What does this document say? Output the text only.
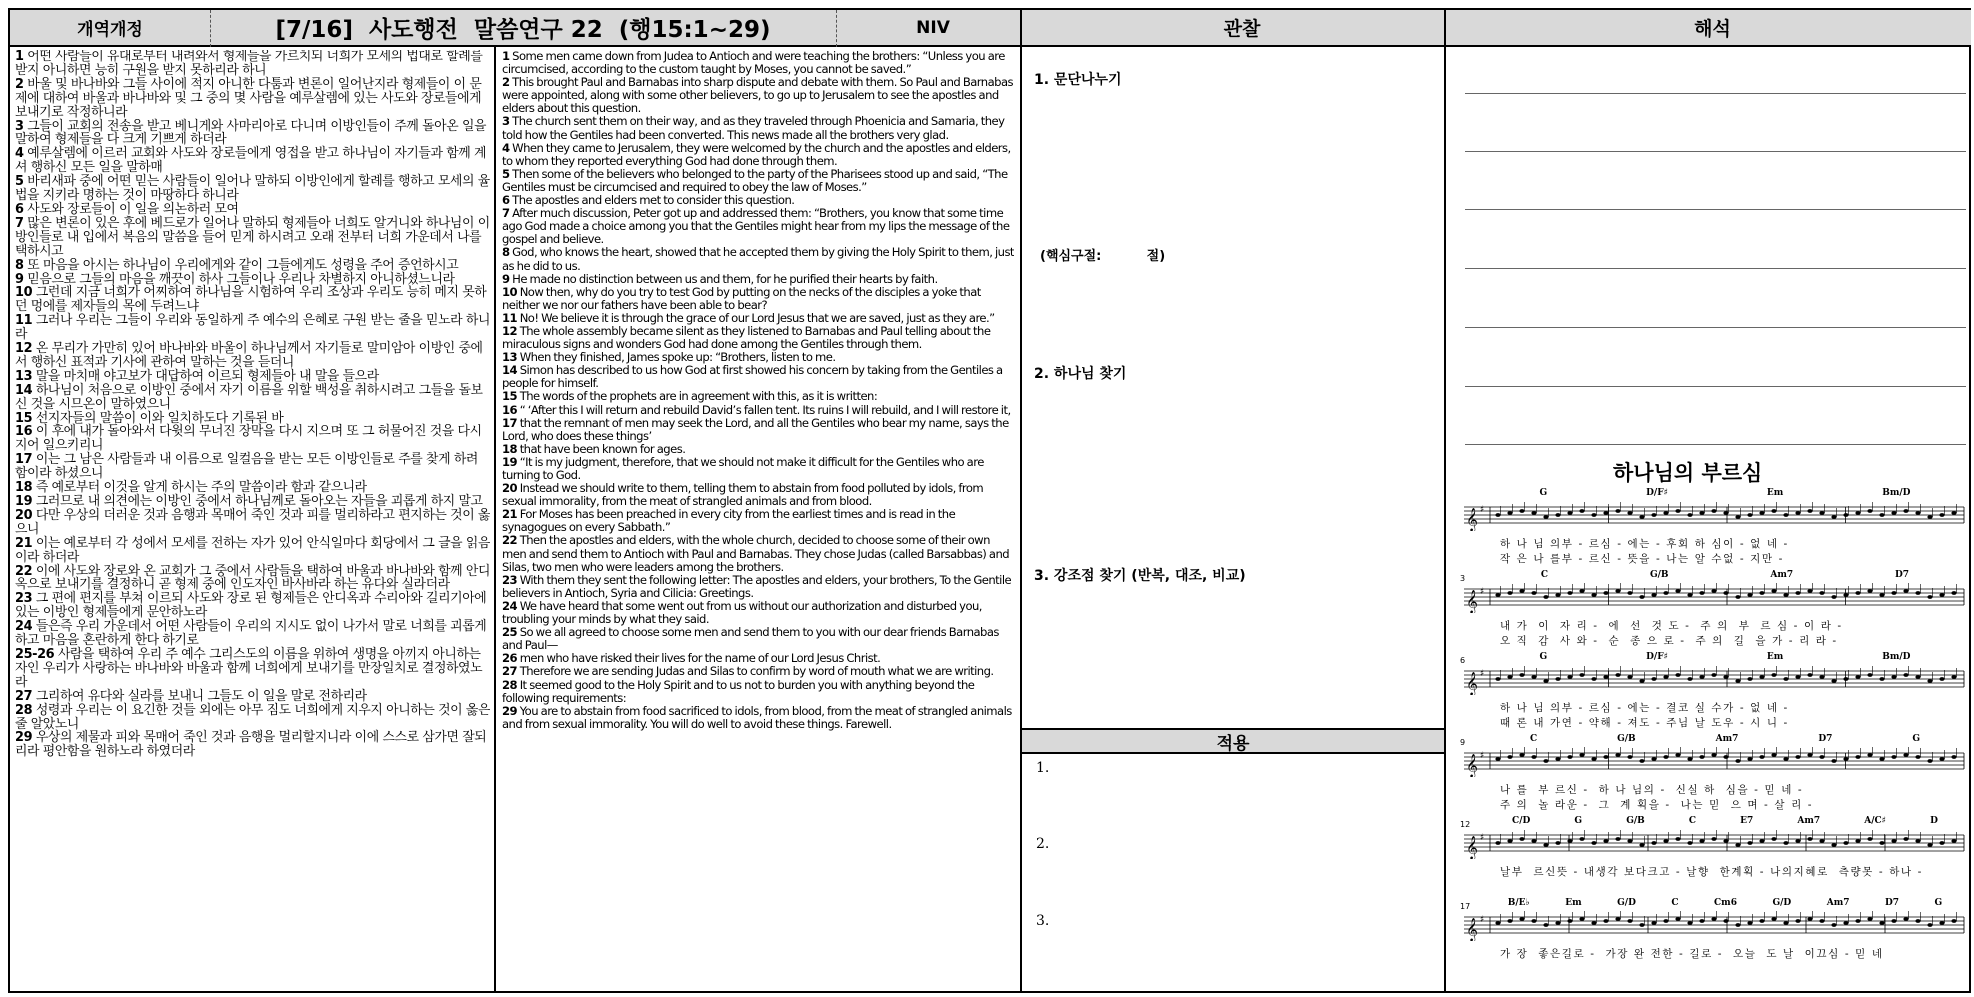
개역개정	[7/16]  사도행전  말씀연구 22  (행15:1~29)	NIV	관찰	해석

1 어떤 사람들이 유대로부터 내려와서 형제들을 가르치되 너희가 모세의 법대로 할례를 받지 아니하면 능히 구원을 받지 못하리라 하니

2 바울 및 바나바와 그들 사이에 적지 아니한 다툼과 변론이 일어난지라 형제들이 이 문제에 대하여 바울과 바나바와 및 그 중의 몇 사람을 예루살렘에 있는 사도와 장로들에게 보내기로 작정하니라

3 그들이 교회의 전송을 받고 베니게와 사마리아로 다니며 이방인들이 주께 돌아온 일을 말하여 형제들을 다 크게 기쁘게 하더라

4 예루살렘에 이르러 교회와 사도와 장로들에게 영접을 받고 하나님이 자기들과 함께 계셔 행하신 모든 일을 말하매

5 바리새파 중에 어떤 믿는 사람들이 일어나 말하되 이방인에게 할례를 행하고 모세의 율법을 지키라 명하는 것이 마땅하다 하니라

6 사도와 장로들이 이 일을 의논하러 모여

7 많은 변론이 있은 후에 베드로가 일어나 말하되 형제들아 너희도 알거니와 하나님이 이방인들로 내 입에서 복음의 말씀을 들어 믿게 하시려고 오래 전부터 너희 가운데서 나를 택하시고

8 또 마음을 아시는 하나님이 우리에게와 같이 그들에게도 성령을 주어 증언하시고

9 믿음으로 그들의 마음을 깨끗이 하사 그들이나 우리나 차별하지 아니하셨느니라

10 그런데 지금 너희가 어찌하여 하나님을 시험하여 우리 조상과 우리도 능히 메지 못하던 멍에를 제자들의 목에 두려느냐

11 그러나 우리는 그들이 우리와 동일하게 주 예수의 은혜로 구원 받는 줄을 믿노라 하니라

12 온 무리가 가만히 있어 바나바와 바울이 하나님께서 자기들로 말미암아 이방인 중에서 행하신 표적과 기사에 관하여 말하는 것을 듣더니

13 말을 마치매 야고보가 대답하여 이르되 형제들아 내 말을 들으라

14 하나님이 처음으로 이방인 중에서 자기 이름을 위할 백성을 취하시려고 그들을 돌보신 것을 시므온이 말하였으니

15 선지자들의 말씀이 이와 일치하도다 기록된 바

16 이 후에 내가 돌아와서 다윗의 무너진 장막을 다시 지으며 또 그 허물어진 것을 다시 지어 일으키리니

17 이는 그 남은 사람들과 내 이름으로 일컬음을 받는 모든 이방인들로 주를 찾게 하려 함이라 하셨으니

18 즉 예로부터 이것을 알게 하시는 주의 말씀이라 함과 같으니라

19 그러므로 내 의견에는 이방인 중에서 하나님께로 돌아오는 자들을 괴롭게 하지 말고

20 다만 우상의 더러운 것과 음행과 목매어 죽인 것과 피를 멀리하라고 편지하는 것이 옳으니

21 이는 예로부터 각 성에서 모세를 전하는 자가 있어 안식일마다 회당에서 그 글을 읽음이라 하더라

22 이에 사도와 장로와 온 교회가 그 중에서 사람들을 택하여 바울과 바나바와 함께 안디옥으로 보내기를 결정하니 곧 형제 중에 인도자인 바사바라 하는 유다와 실라더라

23 그 편에 편지를 부쳐 이르되 사도와 장로 된 형제들은 안디옥과 수리아와 길리기아에 있는 이방인 형제들에게 문안하노라

24 들은즉 우리 가운데서 어떤 사람들이 우리의 지시도 없이 나가서 말로 너희를 괴롭게 하고 마음을 혼란하게 한다 하기로

25-26 사람을 택하여 우리 주 예수 그리스도의 이름을 위하여 생명을 아끼지 아니하는 자인 우리가 사랑하는 바나바와 바울과 함께 너희에게 보내기를 만장일치로 결정하였노라

27 그리하여 유다와 실라를 보내니 그들도 이 일을 말로 전하리라

28 성령과 우리는 이 요긴한 것들 외에는 아무 짐도 너희에게 지우지 아니하는 것이 옳은 줄 알았노니

29 우상의 제물과 피와 목매어 죽인 것과 음행을 멀리할지니라 이에 스스로 삼가면 잘되리라 평안함을 원하노라 하였더라

1 Some men came down from Judea to Antioch and were teaching the brothers: “Unless you are circumcised, according to the custom taught by Moses, you cannot be saved.”

2 This brought Paul and Barnabas into sharp dispute and debate with them. So Paul and Barnabas were appointed, along with some other believers, to go up to Jerusalem to see the apostles and elders about this question.

3 The church sent them on their way, and as they traveled through Phoenicia and Samaria, they told how the Gentiles had been converted. This news made all the brothers very glad.

4 When they came to Jerusalem, they were welcomed by the church and the apostles and elders, to whom they reported everything God had done through them.

5 Then some of the believers who belonged to the party of the Pharisees stood up and said, “The Gentiles must be circumcised and required to obey the law of Moses.”

6 The apostles and elders met to consider this question.

7 After much discussion, Peter got up and addressed them: “Brothers, you know that some time ago God made a choice among you that the Gentiles might hear from my lips the message of the gospel and believe.

8 God, who knows the heart, showed that he accepted them by giving the Holy Spirit to them, just as he did to us.

9 He made no distinction between us and them, for he purified their hearts by faith.

10 Now then, why do you try to test God by putting on the necks of the disciples a yoke that neither we nor our fathers have been able to bear?

11 No! We believe it is through the grace of our Lord Jesus that we are saved, just as they are.”

12 The whole assembly became silent as they listened to Barnabas and Paul telling about the miraculous signs and wonders God had done among the Gentiles through them.

13 When they finished, James spoke up: “Brothers, listen to me.

14 Simon has described to us how God at first showed his concern by taking from the Gentiles a people for himself.

15 The words of the prophets are in agreement with this, as it is written:

16 “ ‘After this I will return and rebuild David’s fallen tent. Its ruins I will rebuild, and I will restore it,

17 that the remnant of men may seek the Lord, and all the Gentiles who bear my name, says the Lord, who does these things’

18 that have been known for ages.

19 “It is my judgment, therefore, that we should not make it difficult for the Gentiles who are turning to God.

20 Instead we should write to them, telling them to abstain from food polluted by idols, from sexual immorality, from the meat of strangled animals and from blood.

21 For Moses has been preached in every city from the earliest times and is read in the synagogues on every Sabbath.”

22 Then the apostles and elders, with the whole church, decided to choose some of their own men and send them to Antioch with Paul and Barnabas. They chose Judas (called Barsabbas) and Silas, two men who were leaders among the brothers.

23 With them they sent the following letter: The apostles and elders, your brothers, To the Gentile believers in Antioch, Syria and Cilicia: Greetings.

24 We have heard that some went out from us without our authorization and disturbed you, troubling your minds by what they said.

25 So we all agreed to choose some men and send them to you with our dear friends Barnabas and Paul—

26 men who have risked their lives for the name of our Lord Jesus Christ.

27 Therefore we are sending Judas and Silas to confirm by word of mouth what we are writing.

28 It seemed good to the Holy Spirit and to us not to burden you with anything beyond the following requirements:

29 You are to abstain from food sacrificed to idols, from blood, from the meat of strangled animals and from sexual immorality. You will do well to avoid these things. Farewell.

1. 문단나누기
(핵심구절:          절)
2. 하나님 찾기
3. 강조점 찾기 (반복, 대조, 비교)
적용
1.
2.
3.
하나님의 부르심
G	D/F♯	Em	Bm/D
𝄞 ♯
하 나 님 의부 - 르심 - 에는 - 후회 하 심이 - 없 네 -
작 은 나 를부 - 르신 - 뜻을 - 나는 알 수없 - 지만 -
C	G/B	Am7	D7
3
𝄞 ♯
내 가  이  자 리 -  에  선  것 도 -  주 의  부  르 심 - 이 라 -
오 직  감  사 와 -  순  종 으 로 -  주 의  길  을 가 - 리 라 -
G	D/F♯	Em	Bm/D
6
𝄞 ♯
하 나 님 의부 - 르심 - 에는 - 결코 실 수가 - 없 네 -
때 론 내 가연 - 약해 - 져도 - 주님 날 도우 - 시 니 -
C	G/B	Am7	D7	G
9
𝄞 ♯
나 를  부 르신 -  하 나 님의 -  신실 하  심을 - 믿 네 -
주 의  놀 라운 -  그  계 획을 -  나는 믿  으 며 - 살 리 -
C/D	G	G/B	C	E7	Am7	A/C♯	D
12
𝄞 ♯
날부  르신뜻 - 내생각 보다크고 - 날향  한계획 - 나의지혜로  측량못 - 하나 -
B/E♭	Em	G/D	C	Cm6	G/D	Am7	D7	G
17
𝄞 ♯
가 장  좋은길로 -  가장 완 전한 - 길로 -  오늘  도 날  이끄심 - 믿 네
